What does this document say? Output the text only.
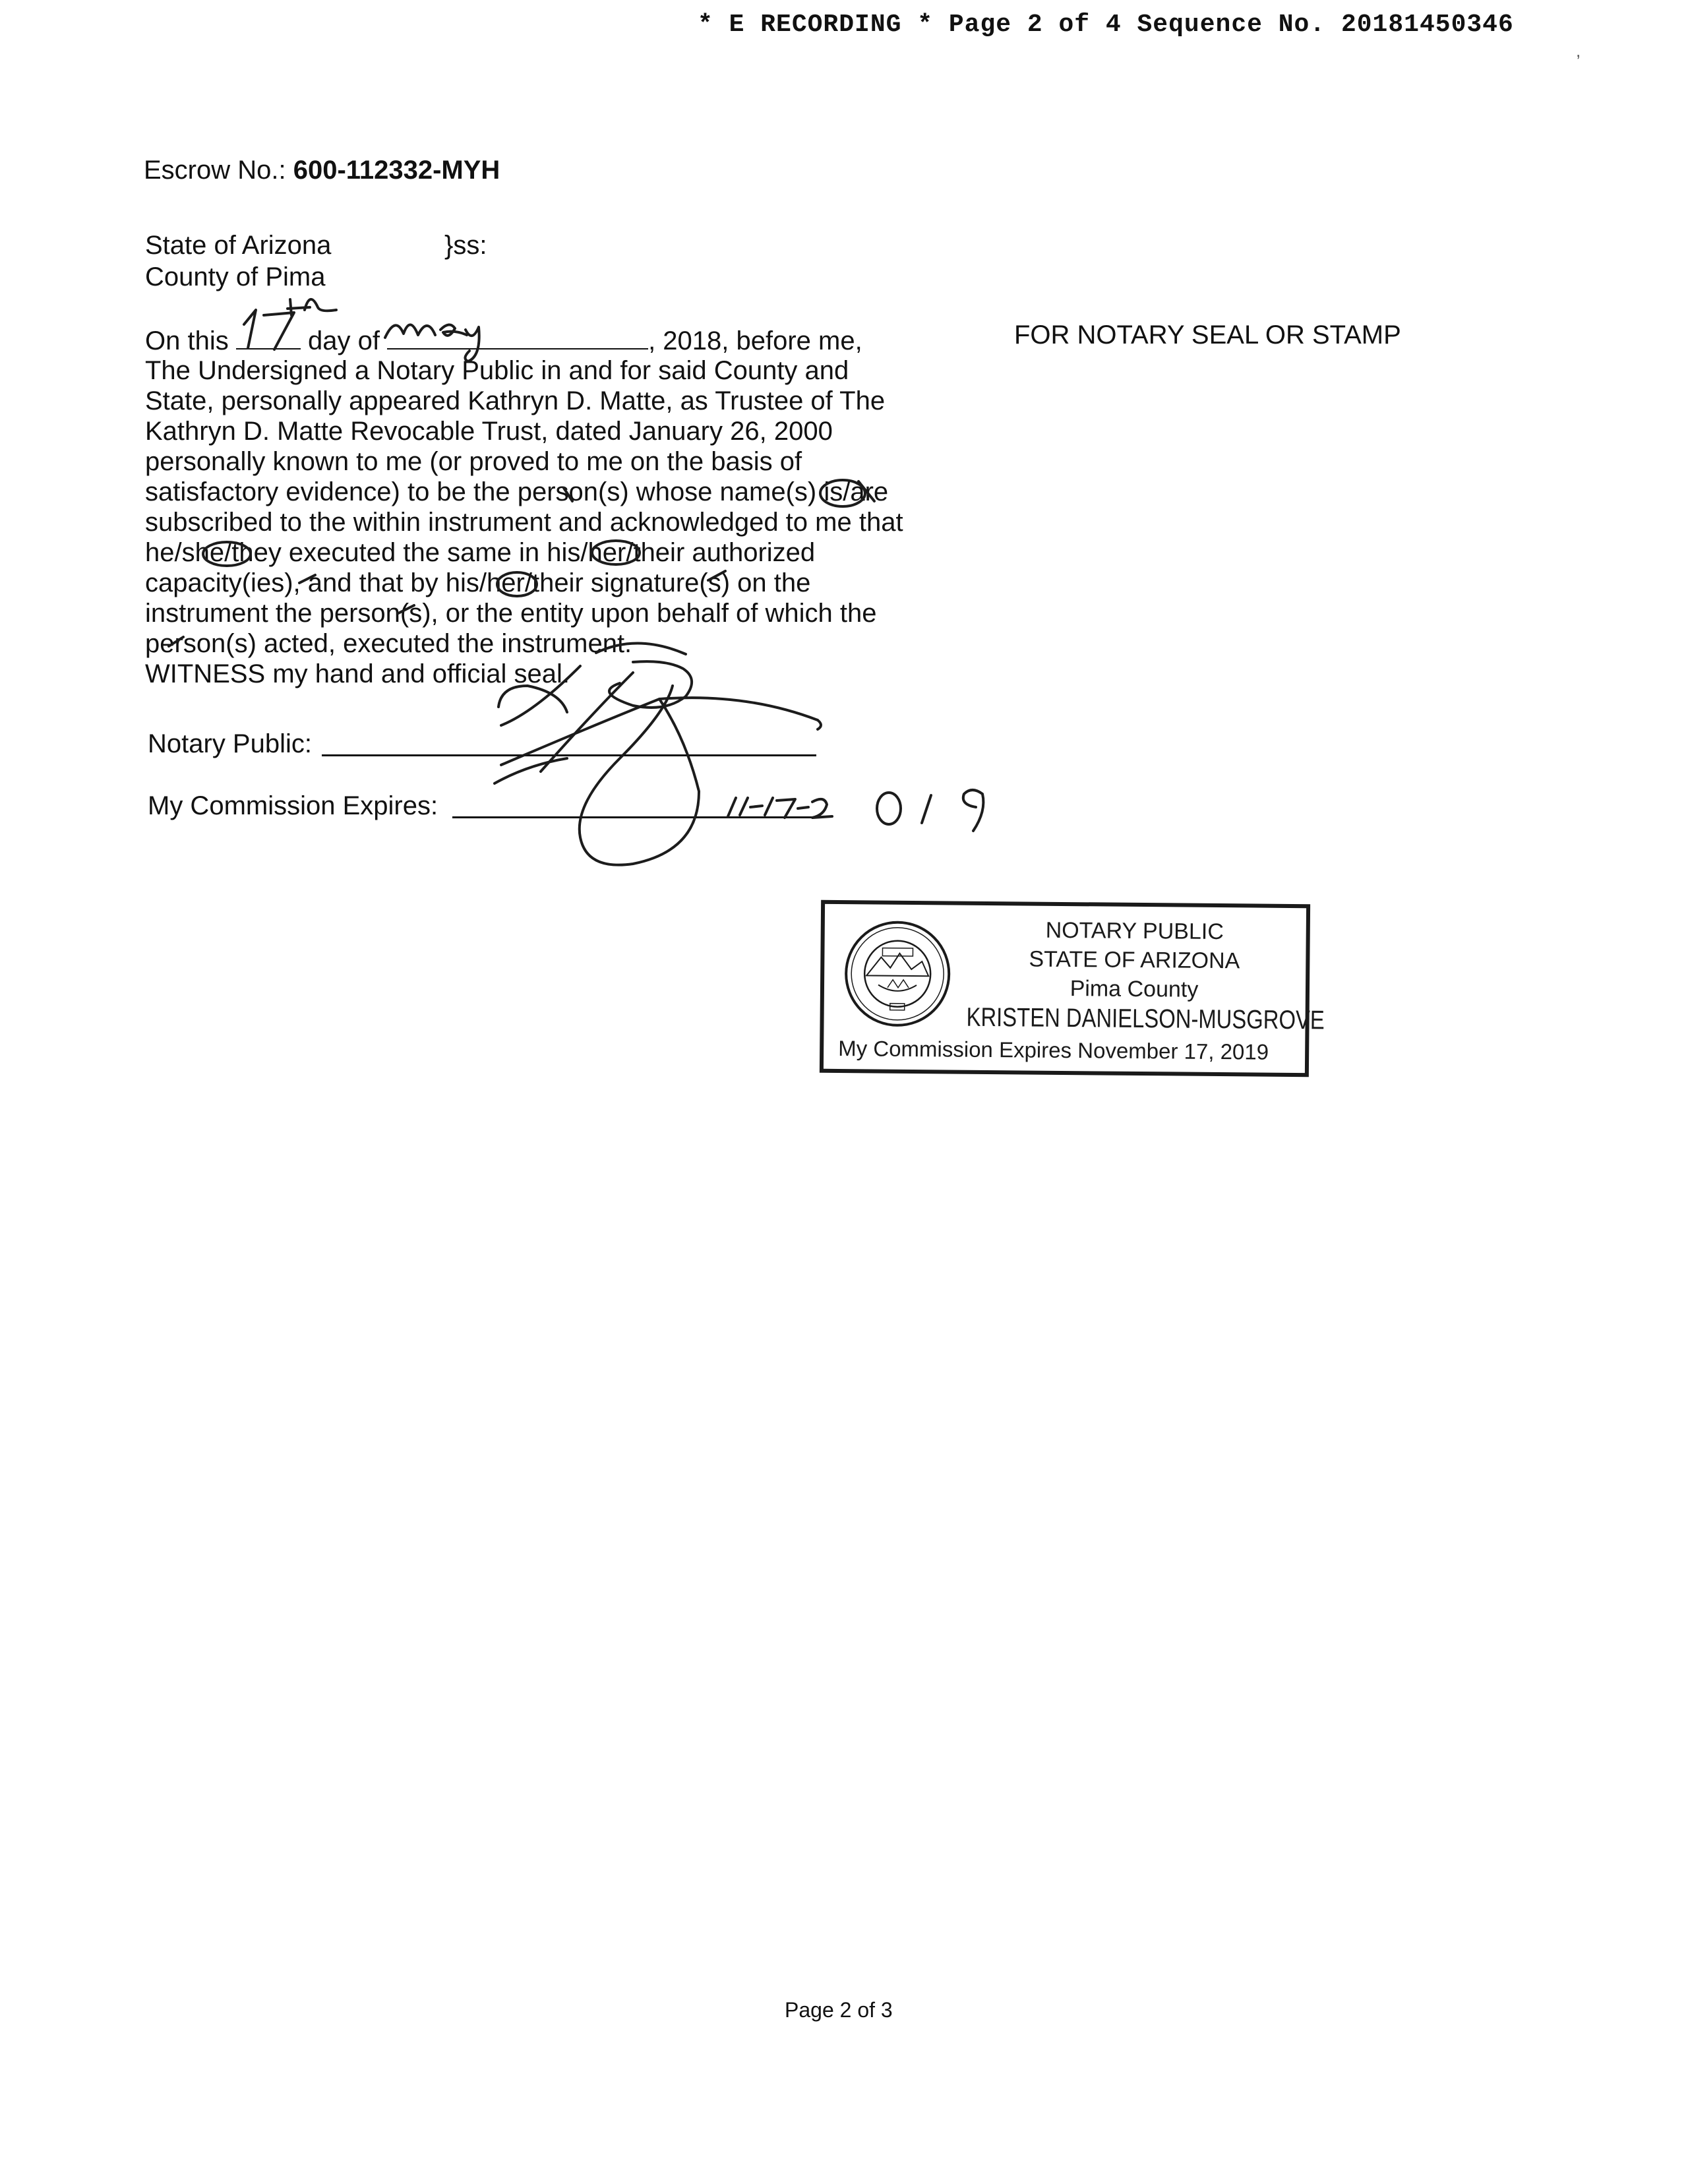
* E RECORDING * Page 2 of 4 Sequence No. 20181450346
,
Escrow No.: 600-112332-MYH
State of Arizona	}ss:
County of Pima
On this	day of	, 2018, before me,	FOR NOTARY SEAL OR STAMP
The Undersigned a Notary Public in and for said County and
State, personally appeared Kathryn D. Matte, as Trustee of The
Kathryn D. Matte Revocable Trust, dated January 26, 2000
personally known to me (or proved to me on the basis of
satisfactory evidence) to be the person(s) whose name(s) is/are
subscribed to the within instrument and acknowledged to me that
he/she/they executed the same in his/her/their authorized
capacity(ies), and that by his/her/their signature(s) on the
instrument the person(s), or the entity upon behalf of which the
person(s) acted, executed the instrument.
WITNESS my hand and official seal.
Notary Public:
My Commission Expires:
NOTARY PUBLIC
STATE OF ARIZONA
Pima County
KRISTEN DANIELSON-MUSGROVE
My Commission Expires November 17, 2019
Page 2 of 3
